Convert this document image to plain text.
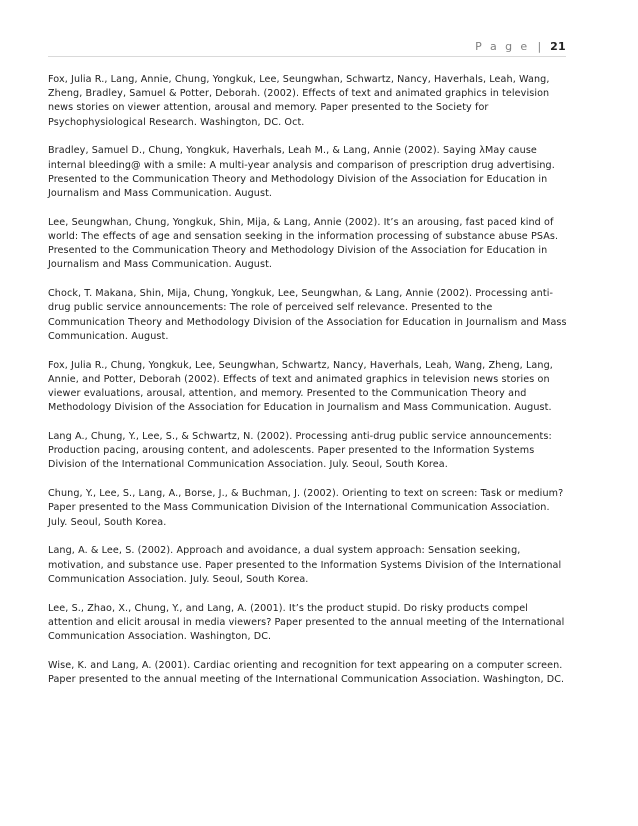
P a g e | 21

Fox, Julia R., Lang, Annie, Chung, Yongkuk, Lee, Seungwhan, Schwartz, Nancy, Haverhals, Leah, Wang, Zheng, Bradley, Samuel & Potter, Deborah. (2002). Effects of text and animated graphics in television news stories on viewer attention, arousal and memory. Paper presented to the Society for Psychophysiological Research. Washington, DC. Oct.

Bradley, Samuel D., Chung, Yongkuk, Haverhals, Leah M., & Lang, Annie (2002). Saying λMay cause internal bleeding@ with a smile: A multi-year analysis and comparison of prescription drug advertising. Presented to the Communication Theory and Methodology Division of the Association for Education in Journalism and Mass Communication. August.

Lee, Seungwhan, Chung, Yongkuk, Shin, Mija, & Lang, Annie (2002). It’s an arousing, fast paced kind of world: The effects of age and sensation seeking in the information processing of substance abuse PSAs. Presented to the Communication Theory and Methodology Division of the Association for Education in Journalism and Mass Communication. August.

Chock, T. Makana, Shin, Mija, Chung, Yongkuk, Lee, Seungwhan, & Lang, Annie (2002). Processing anti-drug public service announcements: The role of perceived self relevance. Presented to the Communication Theory and Methodology Division of the Association for Education in Journalism and Mass Communication. August.

Fox, Julia R., Chung, Yongkuk, Lee, Seungwhan, Schwartz, Nancy, Haverhals, Leah, Wang, Zheng, Lang, Annie, and Potter, Deborah (2002). Effects of text and animated graphics in television news stories on viewer evaluations, arousal, attention, and memory. Presented to the Communication Theory and Methodology Division of the Association for Education in Journalism and Mass Communication. August.

Lang A., Chung, Y., Lee, S., & Schwartz, N. (2002). Processing anti-drug public service announcements: Production pacing, arousing content, and adolescents. Paper presented to the Information Systems Division of the International Communication Association. July. Seoul, South Korea.

Chung, Y., Lee, S., Lang, A., Borse, J., & Buchman, J. (2002). Orienting to text on screen: Task or medium? Paper presented to the Mass Communication Division of the International Communication Association. July. Seoul, South Korea.

Lang, A. & Lee, S. (2002). Approach and avoidance, a dual system approach: Sensation seeking, motivation, and substance use. Paper presented to the Information Systems Division of the International Communication Association. July. Seoul, South Korea.

Lee, S., Zhao, X., Chung, Y., and Lang, A. (2001). It’s the product stupid. Do risky products compel attention and elicit arousal in media viewers? Paper presented to the annual meeting of the International Communication Association. Washington, DC.

Wise, K. and Lang, A. (2001). Cardiac orienting and recognition for text appearing on a computer screen. Paper presented to the annual meeting of the International Communication Association. Washington, DC.
